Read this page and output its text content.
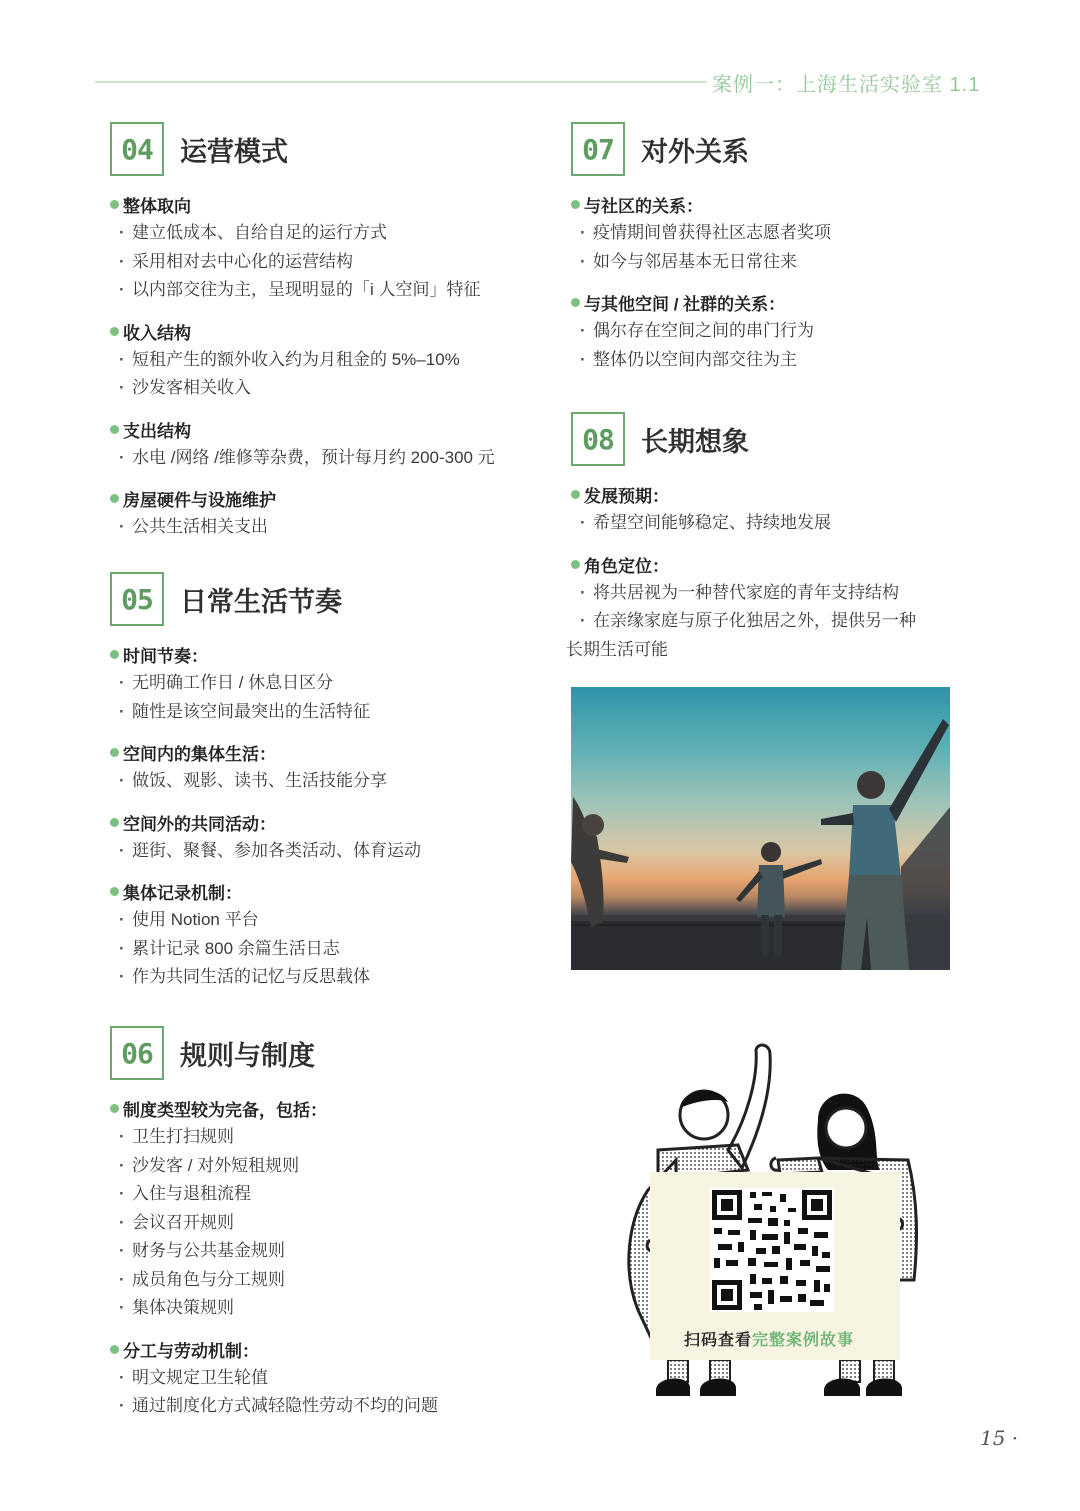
案例一：上海生活实验室 1.1
04	运营模式
整体取向
· 建立低成本、自给自足的运行方式
· 采用相对去中心化的运营结构
· 以内部交往为主，呈现明显的「i 人空间」特征
收入结构
· 短租产生的额外收入约为月租金的 5%–10%
· 沙发客相关收入
支出结构
· 水电 /网络 /维修等杂费，预计每月约 200-300 元
房屋硬件与设施维护
· 公共生活相关支出
05	日常生活节奏
时间节奏：
· 无明确工作日 / 休息日区分
· 随性是该空间最突出的生活特征
空间内的集体生活：
· 做饭、观影、读书、生活技能分享
空间外的共同活动：
· 逛街、聚餐、参加各类活动、体育运动
集体记录机制：
· 使用 Notion 平台
· 累计记录 800 余篇生活日志
· 作为共同生活的记忆与反思载体
06	规则与制度
制度类型较为完备，包括：
· 卫生打扫规则
· 沙发客 / 对外短租规则
· 入住与退租流程
· 会议召开规则
· 财务与公共基金规则
· 成员角色与分工规则
· 集体决策规则
分工与劳动机制：
· 明文规定卫生轮值
· 通过制度化方式减轻隐性劳动不均的问题
07	对外关系
与社区的关系：
· 疫情期间曾获得社区志愿者奖项
· 如今与邻居基本无日常往来
与其他空间 / 社群的关系：
· 偶尔存在空间之间的串门行为
· 整体仍以空间内部交往为主
08	长期想象
发展预期：
· 希望空间能够稳定、持续地发展
角色定位：
· 将共居视为一种替代家庭的青年支持结构
· 在亲缘家庭与原子化独居之外，提供另一种
长期生活可能
扫码查看完整案例故事
15 ·
